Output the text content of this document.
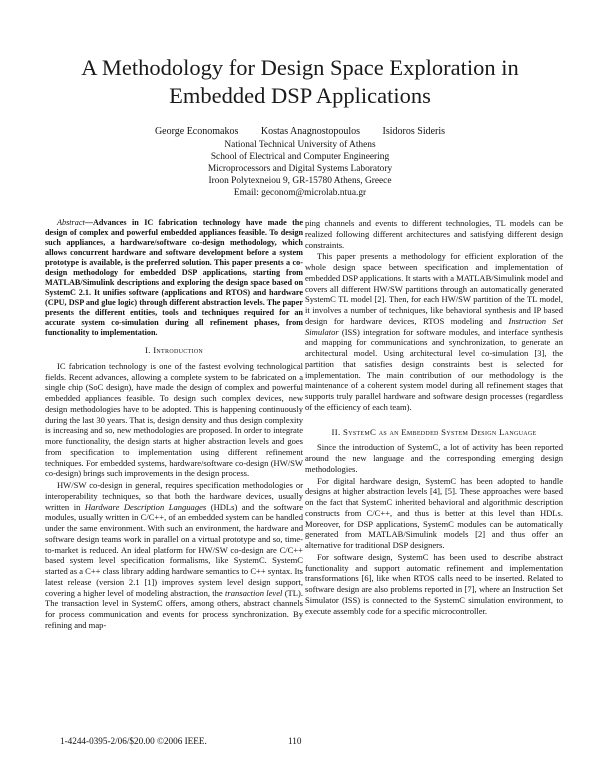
A Methodology for Design Space Exploration in
Embedded DSP Applications
George Economakos Kostas Anagnostopoulos Isidoros Sideris
National Technical University of Athens
School of Electrical and Computer Engineering
Microprocessors and Digital Systems Laboratory
Iroon Polytexneiou 9, GR-15780 Athens, Greece
Email: geconom@microlab.ntua.gr

Abstract—Advances in IC fabrication technology have made the design of complex and powerful embedded appliances feasible. To design such appliances, a hardware/software co-design methodology, which allows concurrent hardware and software development before a system prototype is available, is the preferred solution. This paper presents a co-design methodology for embedded DSP applications, starting from MATLAB/Simulink descriptions and exploring the design space based on SystemC 2.1. It unifies software (applications and RTOS) and hardware (CPU, DSP and glue logic) through different abstraction levels. The paper presents the different entities, tools and techniques required for an accurate system co-simulation during all refinement phases, from functionality to implementation.

I. Introduction

IC fabrication technology is one of the fastest evolving technological fields. Recent advances, allowing a complete system to be fabricated on a single chip (SoC design), have made the design of complex and powerful embedded appliances feasible. To design such complex devices, new design methodologies have to be adopted. This is happening continuously during the last 30 years. That is, design density and thus design complexity is increasing and so, new methodologies are proposed. In order to integrate more functionality, the design starts at higher abstraction levels and goes from specification to implementation using different refinement techniques. For embedded systems, hardware/software co-design (HW/SW co-design) brings such improvements in the design process.

HW/SW co-design in general, requires specification methodologies or interoperability techniques, so that both the hardware devices, usually written in Hardware Description Languages (HDLs) and the software modules, usually written in C/C++, of an embedded system can be handled under the same environment. With such an environment, the hardware and software design teams work in parallel on a virtual prototype and so, time-to-market is reduced. An ideal platform for HW/SW co-design are C/C++ based system level specification formalisms, like SystemC. SystemC started as a C++ class library adding hardware semantics to C++ syntax. Its latest release (version 2.1 [1]) improves system level design support, covering a higher level of modeling abstraction, the transaction level (TL). The transaction level in SystemC offers, among others, abstract channels for process communication and events for process synchronization. By refining and map-

ping channels and events to different technologies, TL models can be realized following different architectures and satisfying different design constraints.

This paper presents a methodology for efficient exploration of the whole design space between specification and implementation of embedded DSP applications. It starts with a MATLAB/Simulink model and covers all different HW/SW partitions through an automatically generated SystemC TL model [2]. Then, for each HW/SW partition of the TL model, it involves a number of techniques, like behavioral synthesis and IP based design for hardware devices, RTOS modeling and Instruction Set Simulator (ISS) integration for software modules, and interface synthesis and mapping for communications and synchronization, to generate an architectural model. Using architectural level co-simulation [3], the partition that satisfies design constraints best is selected for implementation. The main contribution of our methodology is the maintenance of a coherent system model during all refinement stages that supports truly parallel hardware and software design processes (regardless of the efficiency of each team).

II. SystemC as an Embedded System Design Language

Since the introduction of SystemC, a lot of activity has been reported around the new language and the corresponding emerging design methodologies.

For digital hardware design, SystemC has been adopted to handle designs at higher abstraction levels [4], [5]. These approaches were based on the fact that SystemC inherited behavioral and algorithmic description constructs from C/C++, and thus is better at this level than HDLs. Moreover, for DSP applications, SystemC modules can be automatically generated from MATLAB/Simulink models [2] and thus offer an alternative for traditional DSP designers.

For software design, SystemC has been used to describe abstract functionality and support automatic refinement and implementation transformations [6], like when RTOS calls need to be inserted. Related to software design are also problems reported in [7], where an Instruction Set Simulator (ISS) is connected to the SystemC simulation environment, to execute assembly code for a specific microcontroller.

1-4244-0395-2/06/$20.00 ©2006 IEEE.	110
